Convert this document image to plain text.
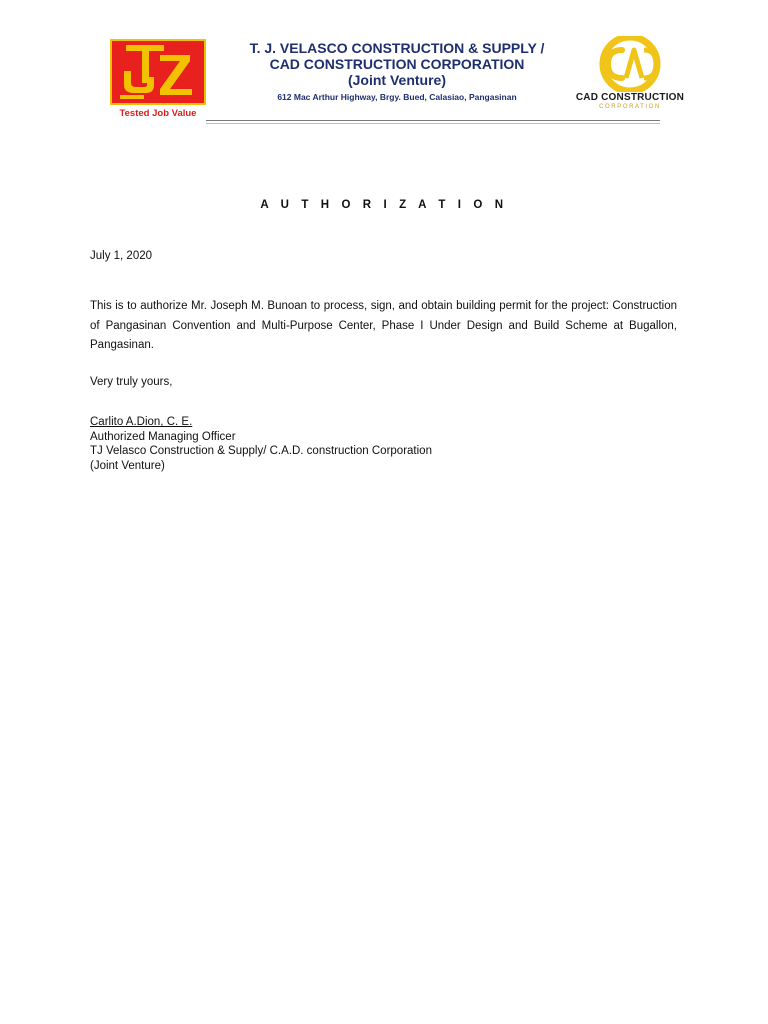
Tested Job Value
T. J. VELASCO CONSTRUCTION & SUPPLY /
CAD CONSTRUCTION CORPORATION
(Joint Venture)
612 Mac Arthur Highway, Brgy. Bued, Calasiao, Pangasinan	CAD CONSTRUCTION
CORPORATION
A U T H O R I Z A T I O N
July 1, 2020
This is to authorize Mr. Joseph M. Bunoan to process, sign, and obtain building permit for the project: Construction of Pangasinan Convention and Multi-Purpose Center, Phase I Under Design and Build Scheme at Bugallon, Pangasinan.
Very truly yours,
Carlito A.Dion, C. E.
Authorized Managing Officer
TJ Velasco Construction & Supply/ C.A.D. construction Corporation
(Joint Venture)
